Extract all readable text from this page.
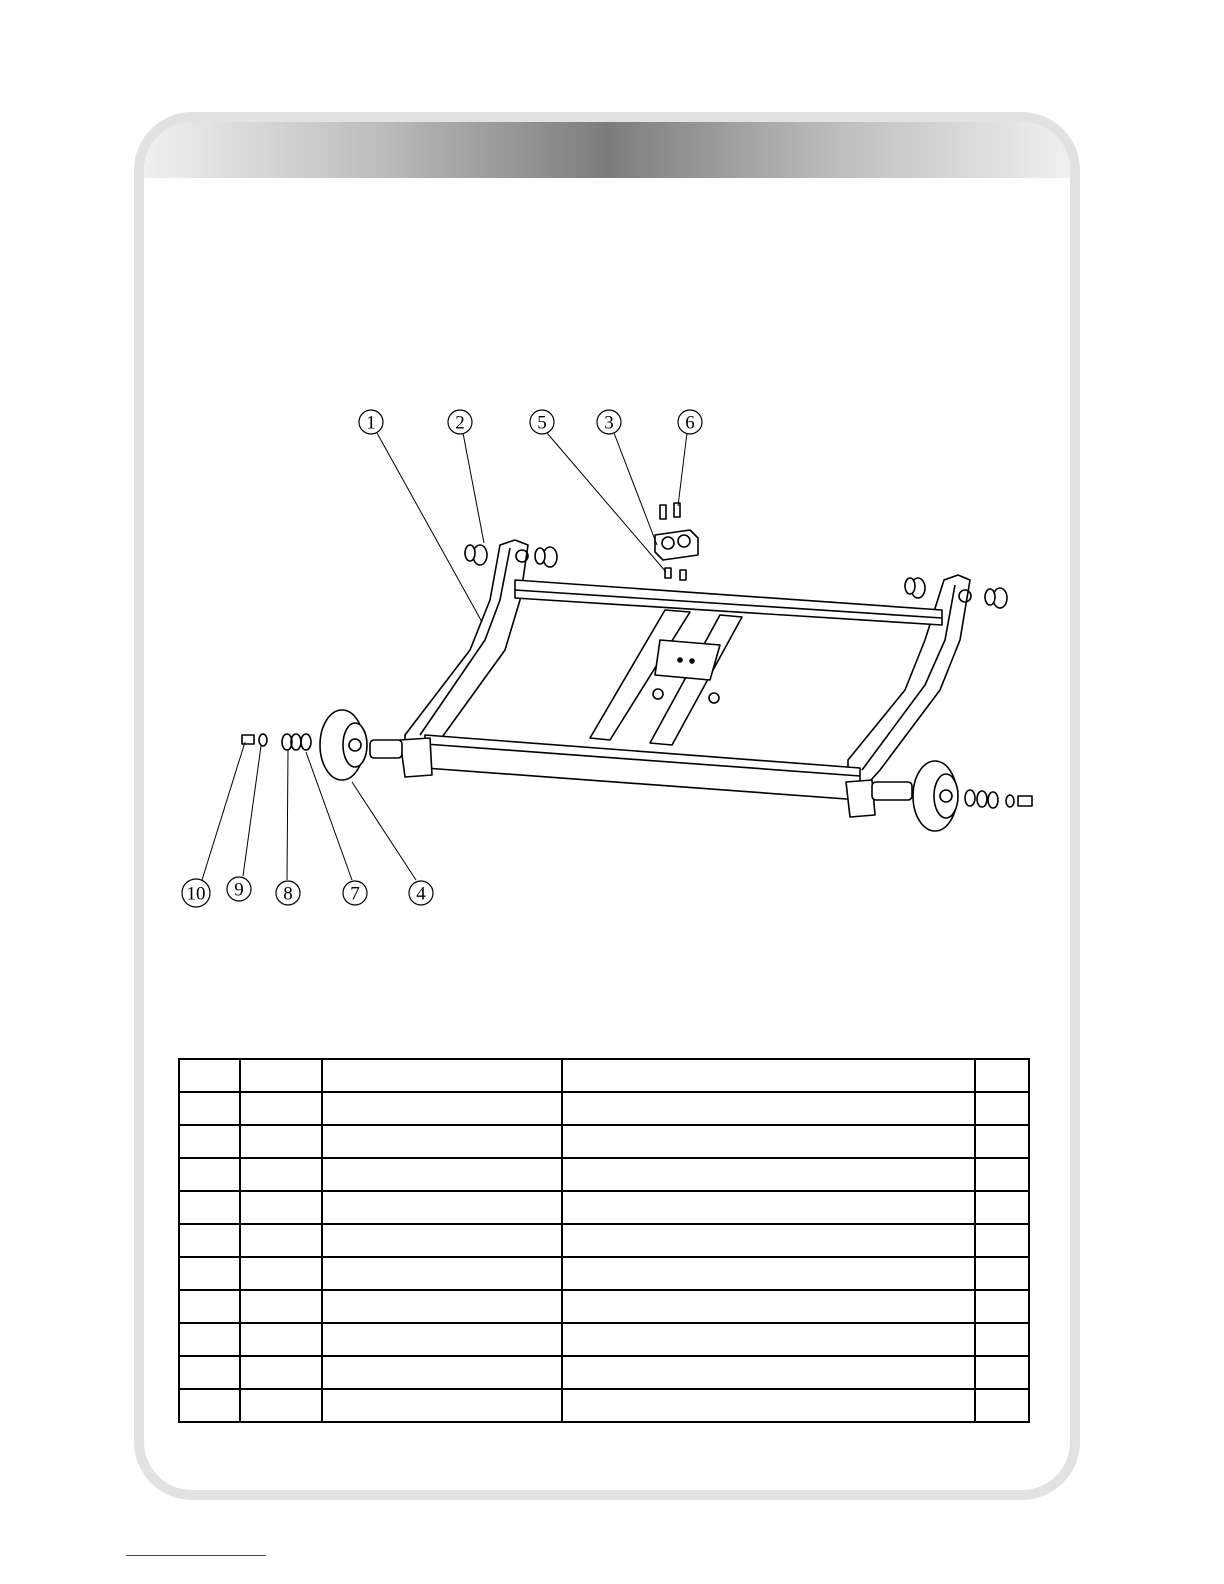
1	2	5	3	6
10 9 8	7	4
